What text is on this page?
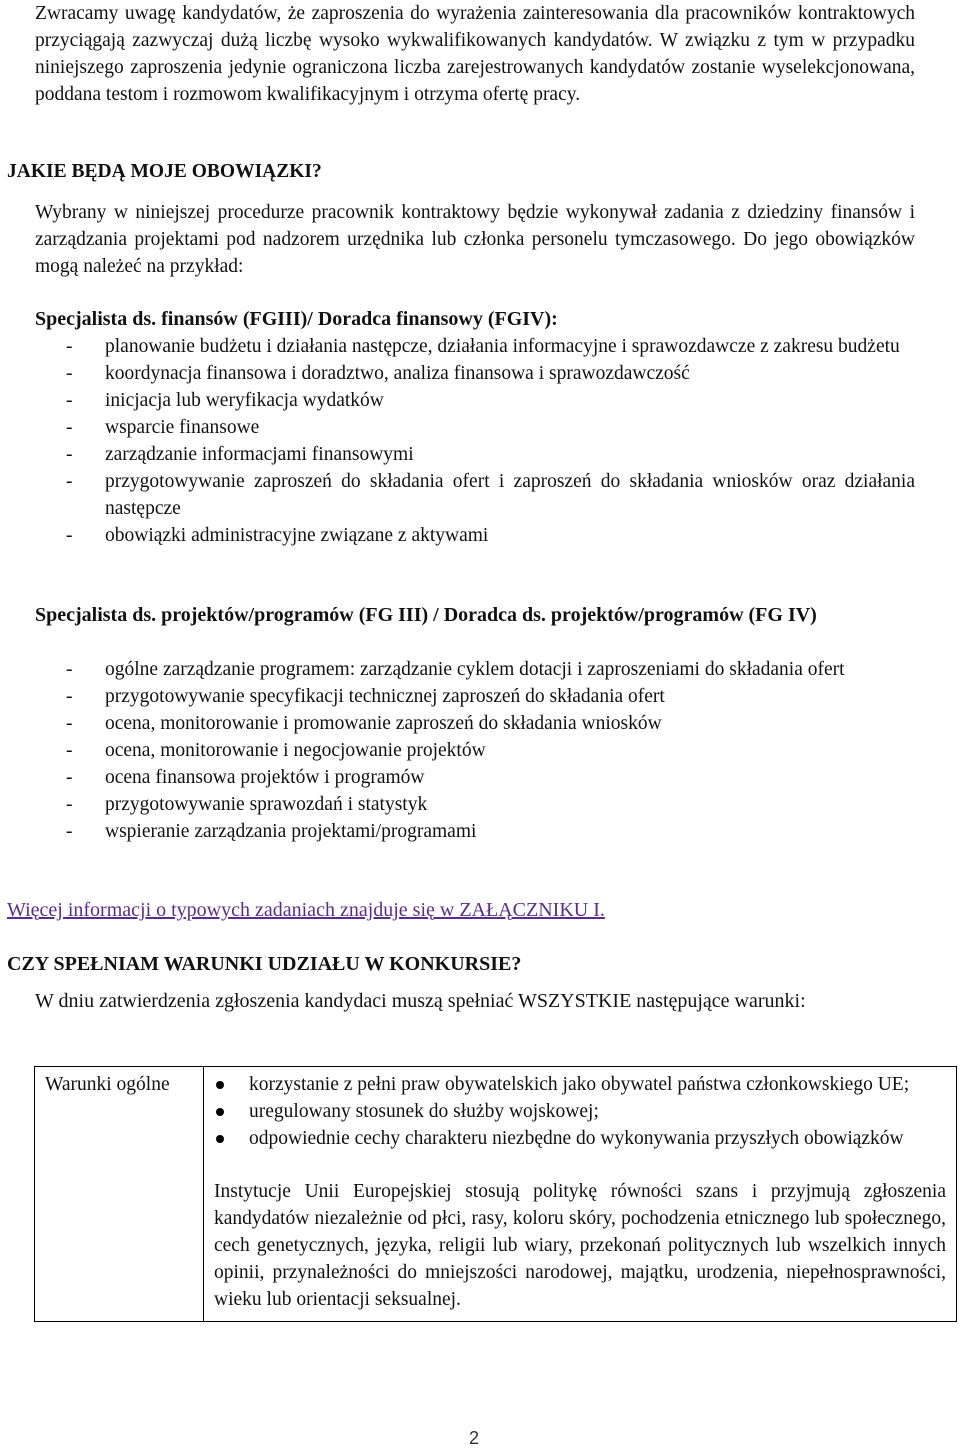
Zwracamy uwagę kandydatów, że zaproszenia do wyrażenia zainteresowania dla pracowników kontraktowych przyciągają zazwyczaj dużą liczbę wysoko wykwalifikowanych kandydatów. W związku z tym w przypadku niniejszego zaproszenia jedynie ograniczona liczba zarejestrowanych kandydatów zostanie wyselekcjonowana, poddana testom i rozmowom kwalifikacyjnym i otrzyma ofertę pracy.

JAKIE BĘDĄ MOJE OBOWIĄZKI?

Wybrany w niniejszej procedurze pracownik kontraktowy będzie wykonywał zadania z dziedziny finansów i zarządzania projektami pod nadzorem urzędnika lub członka personelu tymczasowego. Do jego obowiązków mogą należeć na przykład:

Specjalista ds. finansów (FGIII)/ Doradca finansowy (FGIV):

- planowanie budżetu i działania następcze, działania informacyjne i sprawozdawcze z zakresu budżetu
- koordynacja finansowa i doradztwo, analiza finansowa i sprawozdawczość
- inicjacja lub weryfikacja wydatków
- wsparcie finansowe
- zarządzanie informacjami finansowymi
- przygotowywanie zaproszeń do składania ofert i zaproszeń do składania wniosków oraz działania następcze
- obowiązki administracyjne związane z aktywami

Specjalista ds. projektów/programów (FG III) / Doradca ds. projektów/programów (FG IV)

- ogólne zarządzanie programem: zarządzanie cyklem dotacji i zaproszeniami do składania ofert
- przygotowywanie specyfikacji technicznej zaproszeń do składania ofert
- ocena, monitorowanie i promowanie zaproszeń do składania wniosków
- ocena, monitorowanie i negocjowanie projektów
- ocena finansowa projektów i programów
- przygotowywanie sprawozdań i statystyk
- wspieranie zarządzania projektami/programami
Więcej informacji o typowych zadaniach znajduje się w ZAŁĄCZNIKU I.
CZY SPEŁNIAM WARUNKI UDZIAŁU W KONKURSIE?

W dniu zatwierdzenia zgłoszenia kandydaci muszą spełniać WSZYSTKIE następujące warunki:

Warunki ogólne	korzystanie z pełni praw obywatelskich jako obywatel państwa członkowskiego UE;
uregulowany stosunek do służby wojskowej;
odpowiednie cechy charakteru niezbędne do wykonywania przyszłych obowiązków

Instytucje Unii Europejskiej stosują politykę równości szans i przyjmują zgłoszenia kandydatów niezależnie od płci, rasy, koloru skóry, pochodzenia etnicznego lub społecznego, cech genetycznych, języka, religii lub wiary, przekonań politycznych lub wszelkich innych opinii, przynależności do mniejszości narodowej, majątku, urodzenia, niepełnosprawności, wieku lub orientacji seksualnej.

2
